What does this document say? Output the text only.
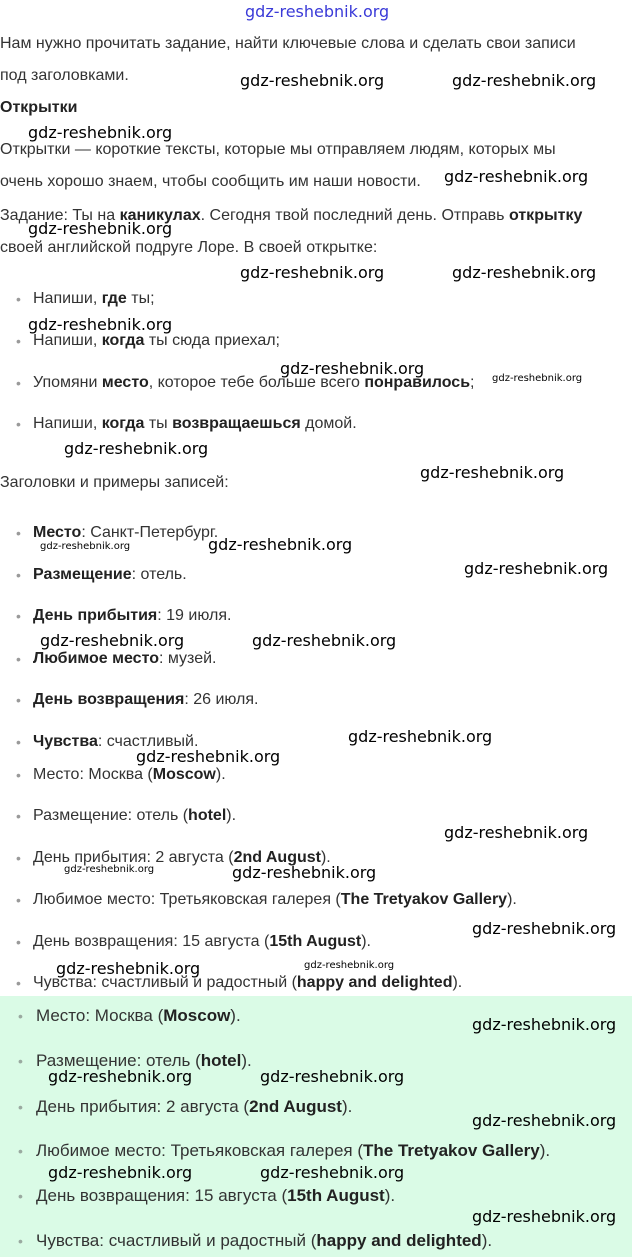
gdz-reshebnik.org
Нам нужно прочитать задание, найти ключевые слова и сделать свои записи
под заголовками.
Открытки
Открытки — короткие тексты, которые мы отправляем людям, которых мы
очень хорошо знаем, чтобы сообщить им наши новости.
Задание: Ты на каникулах. Сегодня твой последний день. Отправь открытку
своей английской подруге Лоре. В своей открытке:
• Напиши, где ты;
• Напиши, когда ты сюда приехал;
• Упомяни место, которое тебе больше всего понравилось;
• Напиши, когда ты возвращаешься домой.
Заголовки и примеры записей:
• Место: Санкт-Петербург.
• Размещение: отель.
• День прибытия: 19 июля.
• Любимое место: музей.
• День возвращения: 26 июля.
• Чувства: счастливый.
• Место: Москва (Moscow).
• Размещение: отель (hotel).
• День прибытия: 2 августа (2nd August).
• Любимое место: Третьяковская галерея (The Tretyakov Gallery).
• День возвращения: 15 августа (15th August).
• Чувства: счастливый и радостный (happy and delighted).
• Место: Москва (Moscow).
• Размещение: отель (hotel).
• День прибытия: 2 августа (2nd August).
• Любимое место: Третьяковская галерея (The Tretyakov Gallery).
• День возвращения: 15 августа (15th August).
• Чувства: счастливый и радостный (happy and delighted).
gdz-reshebnik.org	gdz-reshebnik.org
gdz-reshebnik.org
gdz-reshebnik.org
gdz-reshebnik.org
gdz-reshebnik.org	gdz-reshebnik.org
gdz-reshebnik.org
gdz-reshebnik.org
gdz-reshebnik.org
gdz-reshebnik.org
gdz-reshebnik.org
gdz-reshebnik.org	gdz-reshebnik.org
gdz-reshebnik.org
gdz-reshebnik.org	gdz-reshebnik.org
gdz-reshebnik.org
gdz-reshebnik.org
gdz-reshebnik.org
gdz-reshebnik.org	gdz-reshebnik.org
gdz-reshebnik.org
gdz-reshebnik.org	gdz-reshebnik.org
gdz-reshebnik.org
gdz-reshebnik.org	gdz-reshebnik.org
gdz-reshebnik.org
gdz-reshebnik.org	gdz-reshebnik.org
gdz-reshebnik.org
